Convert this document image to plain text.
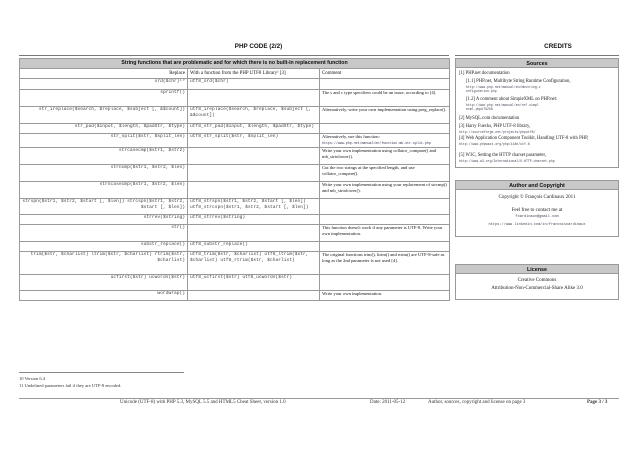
PHP CODE (2/2)	CREDITS
String functions that are problematic and for which there is no built-in replacement function		
Replace	With a function from the PHP UTF8 Library¹ [3]	Comment
ord($chr)¹⁰	utf8_ord($chr)	
sprintf()		The s and c type specifiers could be an issue, according to [4].
str_ireplace($search, $replace, $subject [, &$count])	utf8_ireplace($search, $replace, $subject [, &$count])	Alternatively, write your own implementation using preg_replace().
str_pad($input, $length, $padStr, $type)	utf8_str_pad($input, $length, $padStr, $type)	
str_split($str, $split_len)	utf8_str_split($str, $split_len)	Alternatively, use this function:
https://www.php.net/manual/en/function.mb-str-split.php
strcasecmp($str1, $str2)		Write your own implementation using collator_compare() and mb_strtolower().
strncmp($str1, $str2, $len)		Cut the two strings at the specified length, and use collator_compare().
strncasecmp($str1, $str2, $len)		Write your own implementation using your replacement of strcmp() and mb_strtolower().
strspn($str1, $str2, $start [, $len]) strcspn($str1, $str2, $start [, $len])	utf8_strspn($str1, $str2, $start [, $len]) utf8_strcspn($str1, $str2, $start [, $len])	
strrev($string)	utf8_strrev($string)	
str()		This function doesn't work if any parameter is UTF-8. Write your own implementation.
substr_replace()	utf8_substr_replace()	
trim($str, $charlist) ltrim($str, $charlist) rtrim($str, $charlist)	utf8_trim($str, $charlist) utf8_ltrim($str, $charlist) utf8_rtrim($str, $charlist)	The original functions trim(), ltrim() and rtrim() are UTF-8-safe as long as the 2nd parameter is not used [4].
ucfirst($str) ucwords($str)	utf8_ucfirst($str) utf8_ucwords($str)	
wordwrap()		Write your own implementation.
10 Version 6.4
11 Undefined parameters fail if they are UTF-8 encoded.
Unicode (UTF-8) with PHP 5.3, MySQL 5.5 and HTML5 Cheat Sheet, version 1.0	Date: 2011-05-12	Author, sources, copyright and license on page 3	Page 3 / 3
Sources
[1] PHP.net documentation
[1.1] PHP.net, Multibyte String Runtime Configuration,
http://www.php.net/manual/en/mbstring.c
onfiguration.php
[1.2] A comment about SimpleXML on PHP.net:
http://www.php.net/manual/en/ref.simpl
exml.php#79258
[2] MySQL.com documentation
[3] Harry Fuecks, PHP UTF-8 library,
http://sourceforge.net/projects/phputf8/
[4] Web Application Component Toolkit, Handling UTF-8 with PHP,
http://www.phpwact.org/php/i18n/utf-8
[5] W3C, Setting the HTTP charset parameter,
http://www.w3.org/International/O-HTTP-charset.php
Author and Copyright
Copyright © François Cardinaux 2011
Feel free to contact me at
fcardinaux@gmail.com
https://www.linkedin.com/in/francoiscardinaux
License
Creative Commons
Attribution-Non-Commercial-Share Alike 3.0
